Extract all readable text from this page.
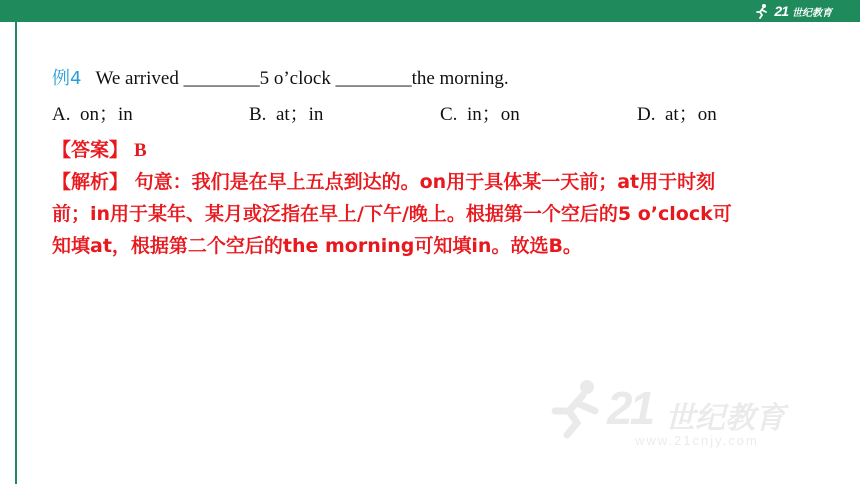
21 世纪教育
例4 We arrived ________5 o’clock ________the morning.
A. on；in	B. at；in	C. in；on	D. at；on
【答案】 B
【解析】 句意：我们是在早上五点到达的。on用于具体某一天前；at用于时刻
前；in用于某年、某月或泛指在早上/下午/晚上。根据第一个空后的5 o’clock可
知填at，根据第二个空后的the morning可知填in。故选B。
21 世纪教育
www.21cnjy.com
